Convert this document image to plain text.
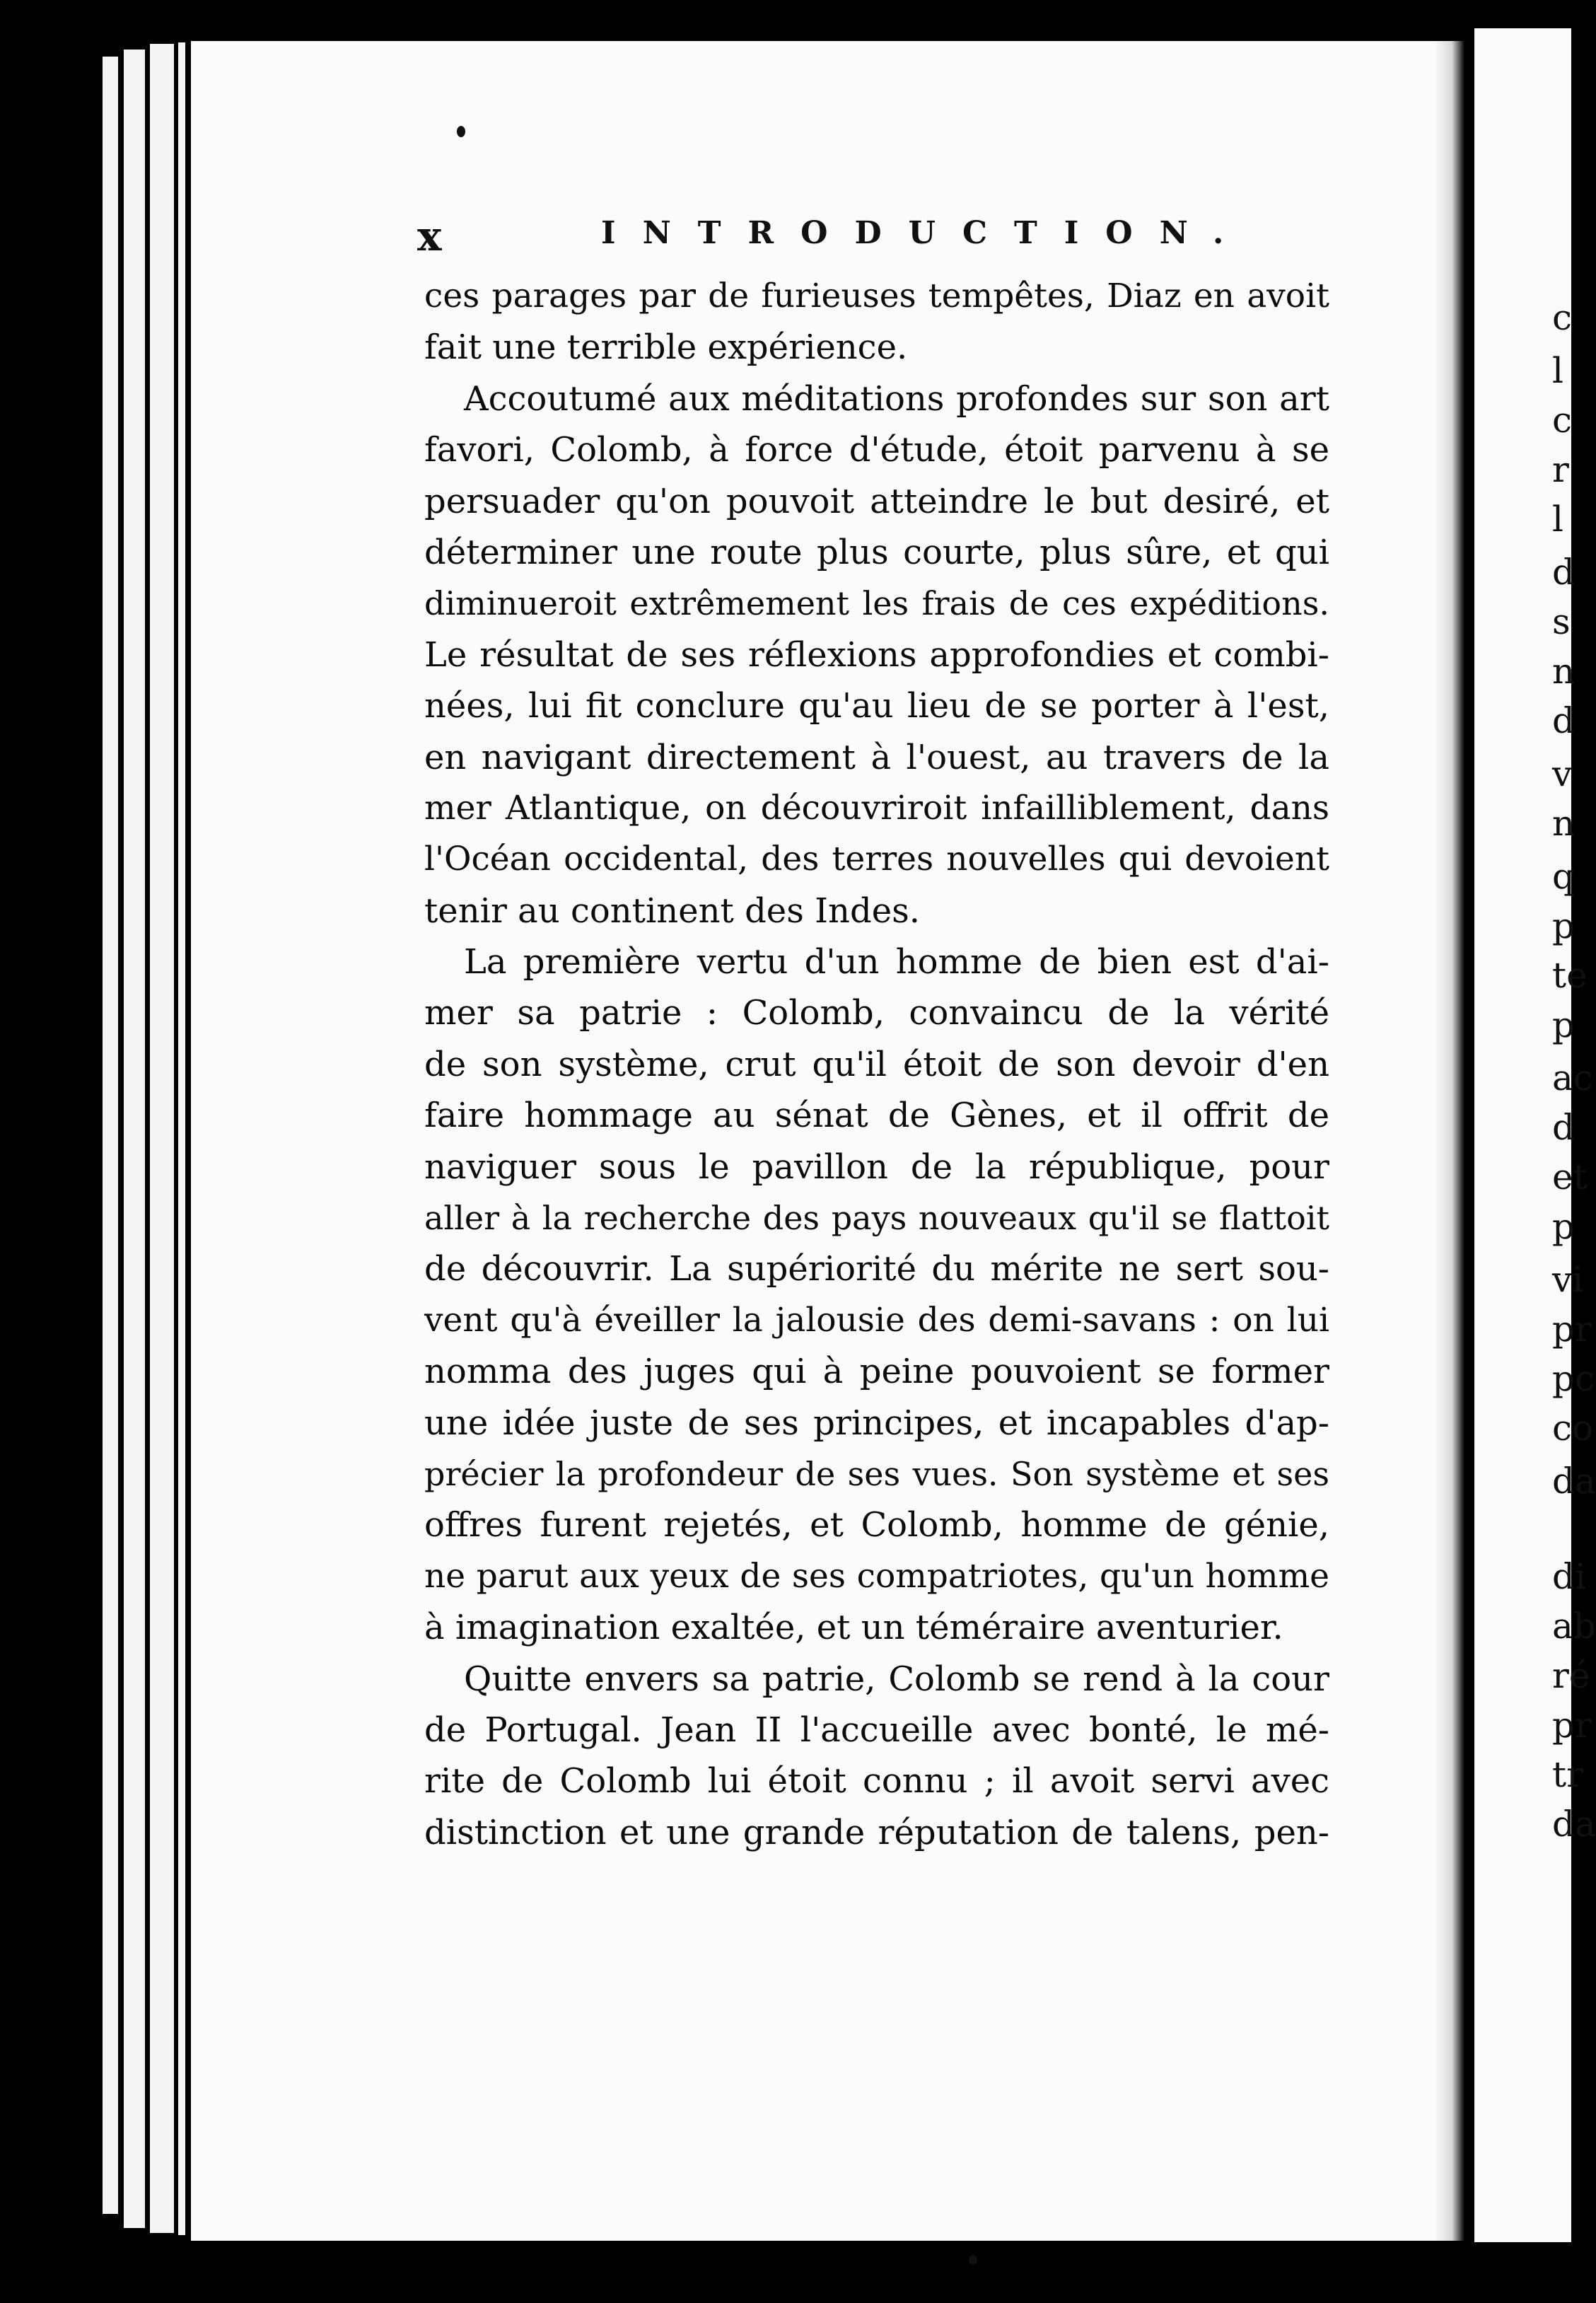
c
l
c
r
l
d
s
n
d
v
n
q
p
te
p
ac
d
et
p
vi
pr
pc
co
da
di
ab
ré
pr
tr
da
x	INTRODUCTION.
ces parages par de furieuses tempêtes, Diaz en avoit
fait une terrible expérience.
Accoutumé aux méditations profondes sur son art
favori, Colomb, à force d'étude, étoit parvenu à se
persuader qu'on pouvoit atteindre le but desiré, et
déterminer une route plus courte, plus sûre, et qui
diminueroit extrêmement les frais de ces expéditions.
Le résultat de ses réflexions approfondies et combi-
nées, lui fit conclure qu'au lieu de se porter à l'est,
en navigant directement à l'ouest, au travers de la
mer Atlantique, on découvriroit infailliblement, dans
l'Océan occidental, des terres nouvelles qui devoient
tenir au continent des Indes.
La première vertu d'un homme de bien est d'ai-
mer sa patrie : Colomb, convaincu de la vérité
de son système, crut qu'il étoit de son devoir d'en
faire hommage au sénat de Gènes, et il offrit de
naviguer sous le pavillon de la république, pour
aller à la recherche des pays nouveaux qu'il se flattoit
de découvrir. La supériorité du mérite ne sert sou-
vent qu'à éveiller la jalousie des demi-savans : on lui
nomma des juges qui à peine pouvoient se former
une idée juste de ses principes, et incapables d'ap-
précier la profondeur de ses vues. Son système et ses
offres furent rejetés, et Colomb, homme de génie,
ne parut aux yeux de ses compatriotes, qu'un homme
à imagination exaltée, et un téméraire aventurier.
Quitte envers sa patrie, Colomb se rend à la cour
de Portugal. Jean II l'accueille avec bonté, le mé-
rite de Colomb lui étoit connu ; il avoit servi avec
distinction et une grande réputation de talens, pen-
